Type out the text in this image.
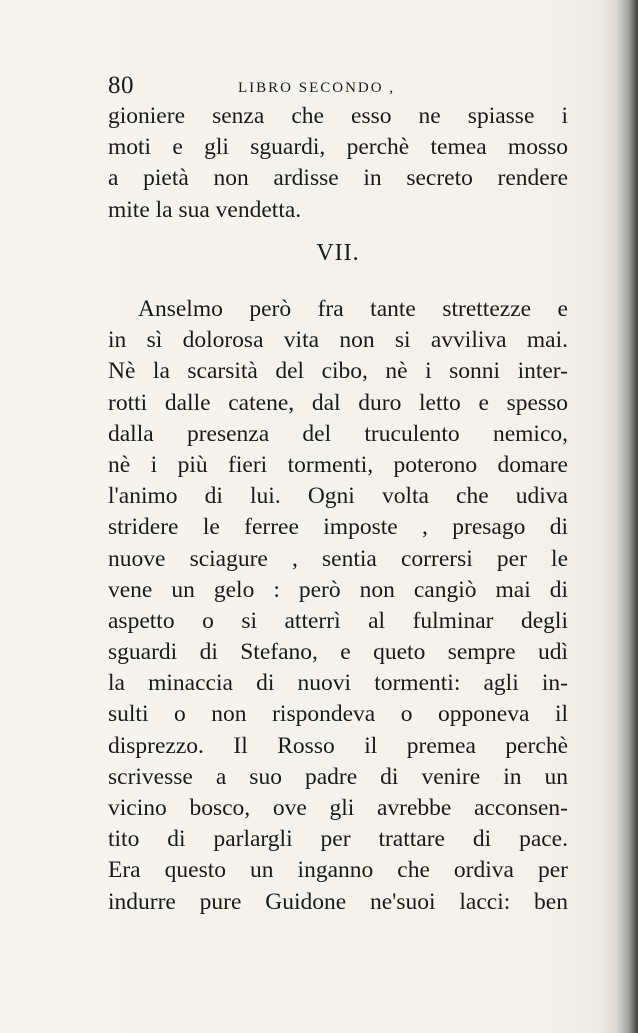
80	LIBRO SECONDO ,
gioniere senza che esso ne spiasse i
moti e gli sguardi, perchè temea mosso
a pietà non ardisse in secreto rendere
mite la sua vendetta.
VII.
Anselmo però fra tante strettezze e
in sì dolorosa vita non si avviliva mai.
Nè la scarsità del cibo, nè i sonni inter-
rotti dalle catene, dal duro letto e spesso
dalla presenza del truculento nemico,
nè i più fieri tormenti, poterono domare
l'animo di lui. Ogni volta che udiva
stridere le ferree imposte , presago di
nuove sciagure , sentia corrersi per le
vene un gelo : però non cangiò mai di
aspetto o si atterrì al fulminar degli
sguardi di Stefano, e queto sempre udì
la minaccia di nuovi tormenti: agli in-
sulti o non rispondeva o opponeva il
disprezzo. Il Rosso il premea perchè
scrivesse a suo padre di venire in un
vicino bosco, ove gli avrebbe acconsen-
tito di parlargli per trattare di pace.
Era questo un inganno che ordiva per
indurre pure Guidone ne'suoi lacci: ben
